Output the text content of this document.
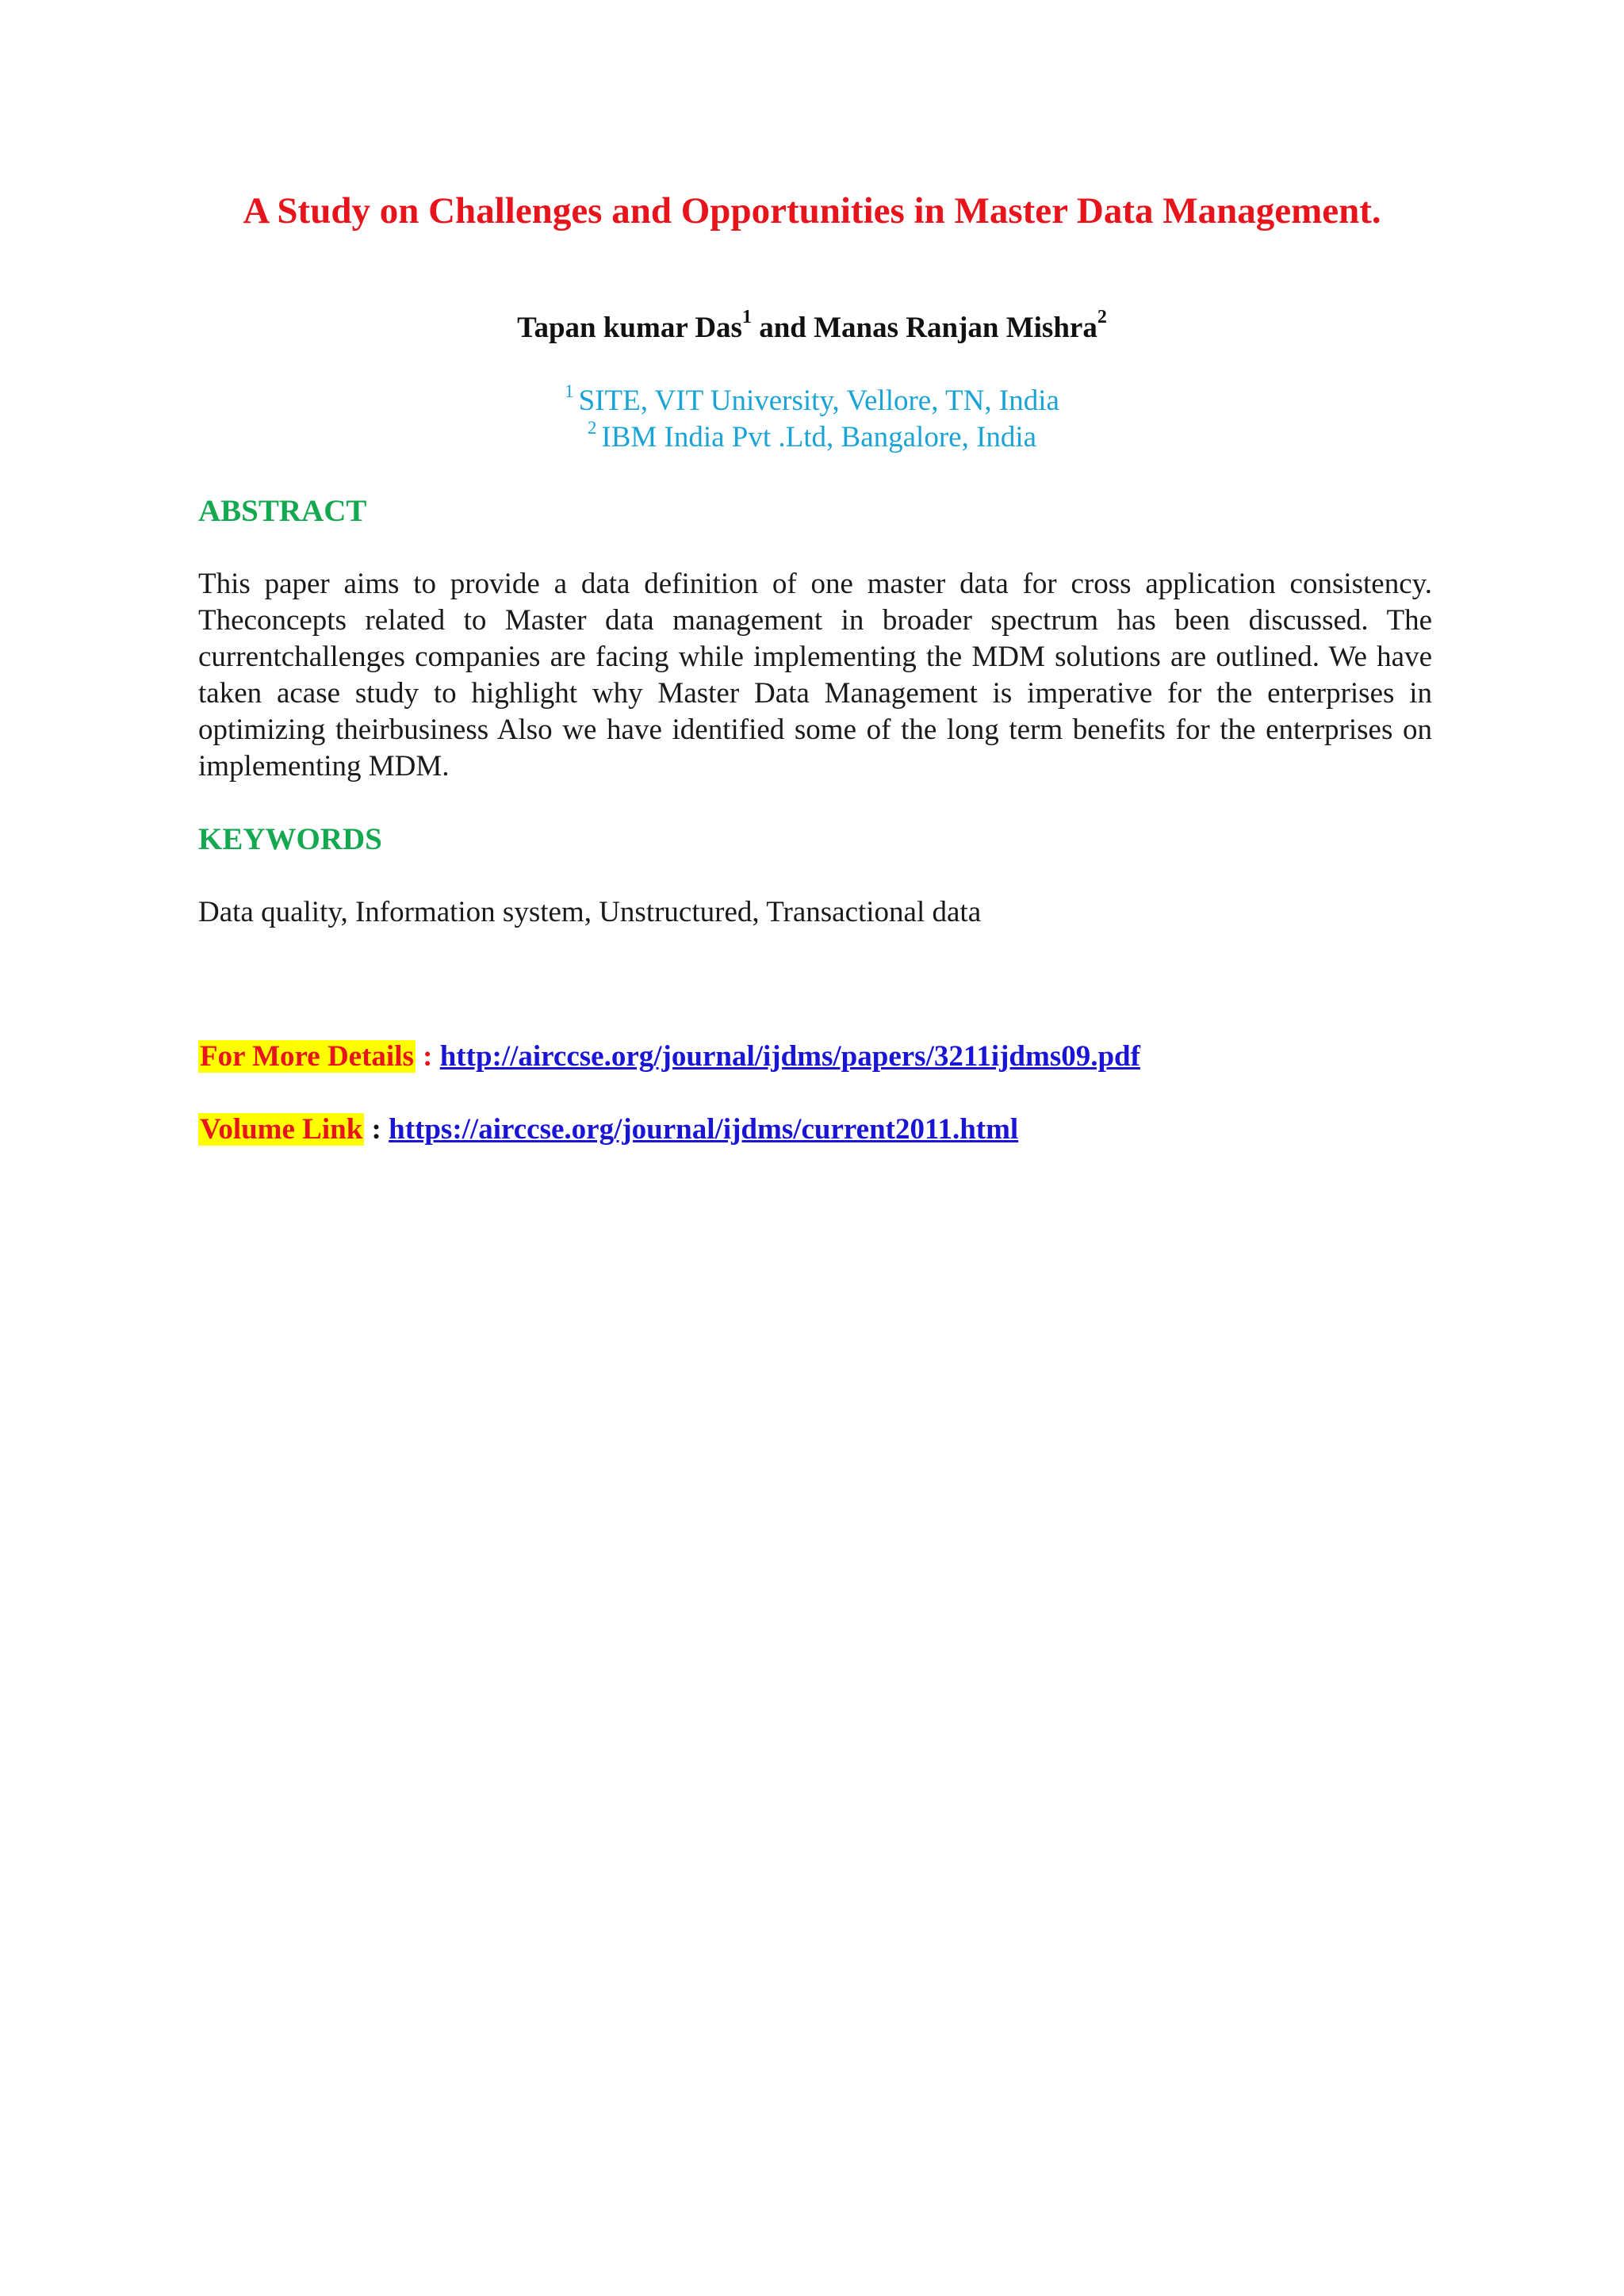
A Study on Challenges and Opportunities in Master Data Management.
Tapan kumar Das$^1$ and Manas Ranjan Mishra$^2$
$^1$ SITE, VIT University, Vellore, TN, India
$^2$ IBM India Pvt .Ltd, Bangalore, India
ABSTRACT
This paper aims to provide a data definition of one master data for cross application consistency. Theconcepts related to Master data management in broader spectrum has been discussed. The currentchallenges companies are facing while implementing the MDM solutions are outlined. We have taken acase study to highlight why Master Data Management is imperative for the enterprises in optimizing theirbusiness Also we have identified some of the long term benefits for the enterprises on implementing MDM.
KEYWORDS
Data quality, Information system, Unstructured, Transactional data
For More Details : http://airccse.org/journal/ijdms/papers/3211ijdms09.pdf
Volume Link : https://airccse.org/journal/ijdms/current2011.html
